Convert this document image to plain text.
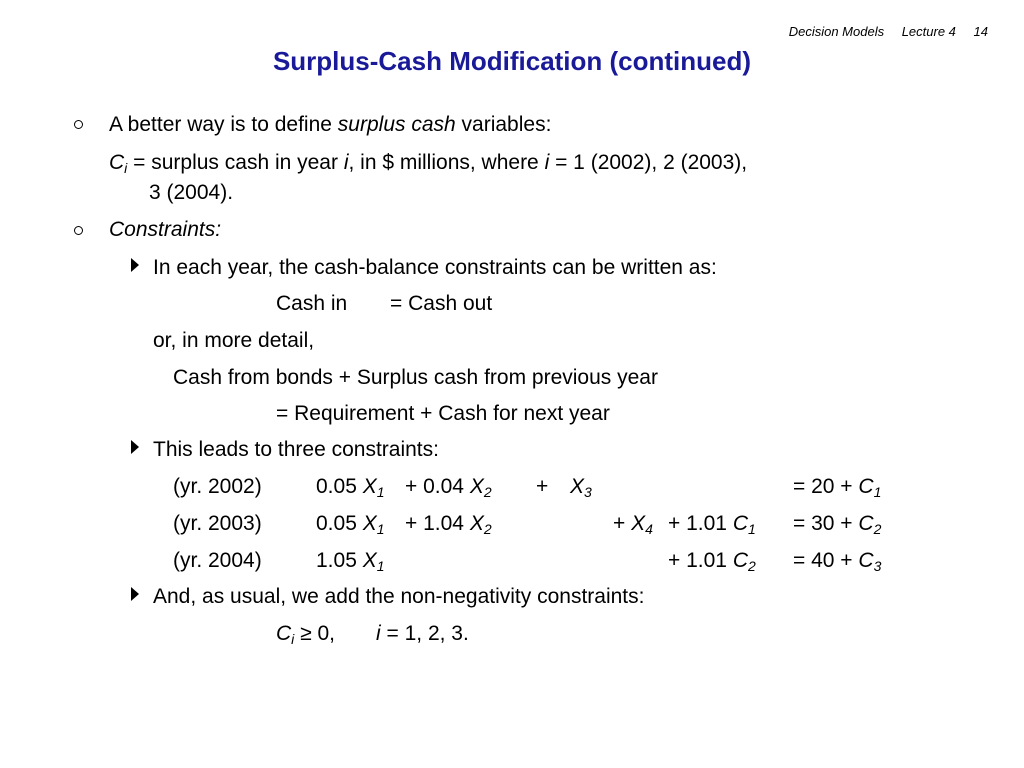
Decision Models Lecture 4 14
Surplus-Cash Modification (continued)
A better way is to define surplus cash variables:
$C_i$ = surplus cash in year i, in $ millions, where i = 1 (2002), 2 (2003),
3 (2004).
Constraints:
In each year, the cash-balance constraints can be written as:
Cash in = Cash out
or, in more detail,
Cash from bonds + Surplus cash from previous year
= Requirement + Cash for next year
This leads to three constraints:
(yr. 2002)	0.05 $X_1 + 0.04$ $X_2 + X_3$	= $20 + C_1$
(yr. 2003)	0.05 $X_1 + 1.04$ $X_2$	+ $X_4 + 1.01$ $C_1 = 30 + C_2$
(yr. 2004)	1.05 $X_1$	+ 1.01 $C_2 = 40 + C_3$
And, as usual, we add the non-negativity constraints:
$C_i \ge 0$, i = 1, 2, 3.
